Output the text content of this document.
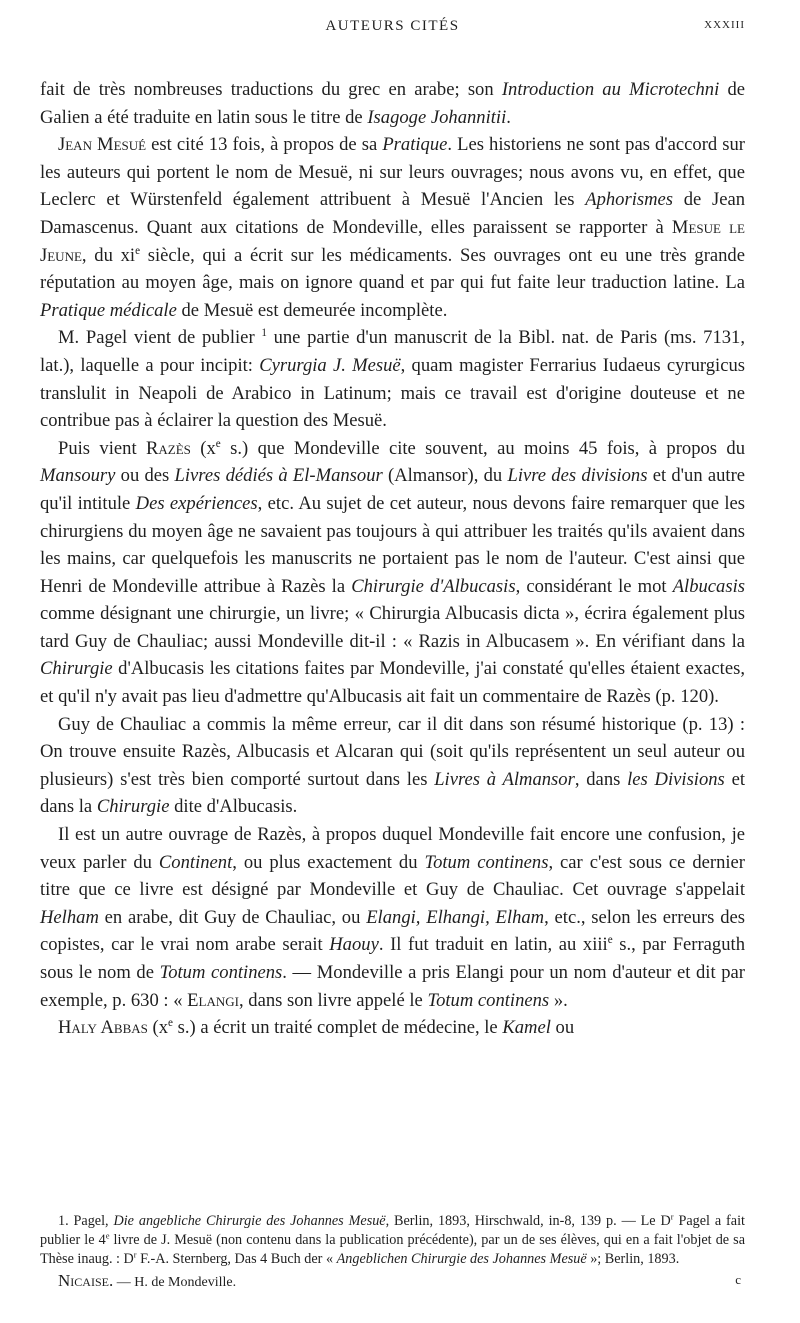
AUTEURS CITÉS	XXXIII

fait de très nombreuses traductions du grec en arabe; son Introduction au Microtechni de Galien a été traduite en latin sous le titre de Isagoge Johannitii.

Jean Mesué est cité 13 fois, à propos de sa Pratique. Les historiens ne sont pas d'accord sur les auteurs qui portent le nom de Mesuë, ni sur leurs ouvrages; nous avons vu, en effet, que Leclerc et Würstenfeld également attribuent à Mesuë l'Ancien les Aphorismes de Jean Damascenus. Quant aux citations de Mondeville, elles paraissent se rapporter à Mesue le Jeune, du $xi^e$ siècle, qui a écrit sur les médicaments. Ses ouvrages ont eu une très grande réputation au moyen âge, mais on ignore quand et par qui fut faite leur traduction latine. La Pratique médicale de Mesuë est demeurée incomplète.

M. Pagel vient de publier $^1$ une partie d'un manuscrit de la Bibl. nat. de Paris (ms. 7131, lat.), laquelle a pour incipit: Cyrurgia J. Mesuë, quam magister Ferrarius Iudaeus cyrurgicus translulit in Neapoli de Arabico in Latinum; mais ce travail est d'origine douteuse et ne contribue pas à éclairer la question des Mesuë.

Puis vient Razès ($x^e$ s.) que Mondeville cite souvent, au moins 45 fois, à propos du Mansoury ou des Livres dédiés à El-Mansour (Almansor), du Livre des divisions et d'un autre qu'il intitule Des expériences, etc. Au sujet de cet auteur, nous devons faire remarquer que les chirurgiens du moyen âge ne savaient pas toujours à qui attribuer les traités qu'ils avaient dans les mains, car quelquefois les manuscrits ne portaient pas le nom de l'auteur. C'est ainsi que Henri de Mondeville attribue à Razès la Chirurgie d'Albucasis, considérant le mot Albucasis comme désignant une chirurgie, un livre; « Chirurgia Albucasis dicta », écrira également plus tard Guy de Chauliac; aussi Mondeville dit-il : « Razis in Albucasem ». En vérifiant dans la Chirurgie d'Albucasis les citations faites par Mondeville, j'ai constaté qu'elles étaient exactes, et qu'il n'y avait pas lieu d'admettre qu'Albucasis ait fait un commentaire de Razès (p. 120).

Guy de Chauliac a commis la même erreur, car il dit dans son résumé historique (p. 13) : On trouve ensuite Razès, Albucasis et Alcaran qui (soit qu'ils représentent un seul auteur ou plusieurs) s'est très bien comporté surtout dans les Livres à Almansor, dans les Divisions et dans la Chirurgie dite d'Albucasis.

Il est un autre ouvrage de Razès, à propos duquel Mondeville fait encore une confusion, je veux parler du Continent, ou plus exactement du Totum continens, car c'est sous ce dernier titre que ce livre est désigné par Mondeville et Guy de Chauliac. Cet ouvrage s'appelait Helham en arabe, dit Guy de Chauliac, ou Elangi, Elhangi, Elham, etc., selon les erreurs des copistes, car le vrai nom arabe serait Haouy. Il fut traduit en latin, au xiii$^e$ s., par Ferraguth sous le nom de Totum continens. — Mondeville a pris Elangi pour un nom d'auteur et dit par exemple, p. 630 : « Elangi, dans son livre appelé le Totum continens ».

Haly Abbas ($x^e$ s.) a écrit un traité complet de médecine, le Kamel ou

1. Pagel, Die angebliche Chirurgie des Johannes Mesuë, Berlin, 1893, Hirschwald, in-8, 139 p. — Le $D^r$ Pagel a fait publier le 4e livre de J. Mesuë (non contenu dans la publication précédente), par un de ses élèves, qui en a fait l'objet de sa Thèse inaug. : $D^r$ F.-A. Sternberg, Das 4 Buch der « Angeblichen Chirurgie des Johannes Mesuë »; Berlin, 1893.

Nicaise. — H. de Mondeville.	c
